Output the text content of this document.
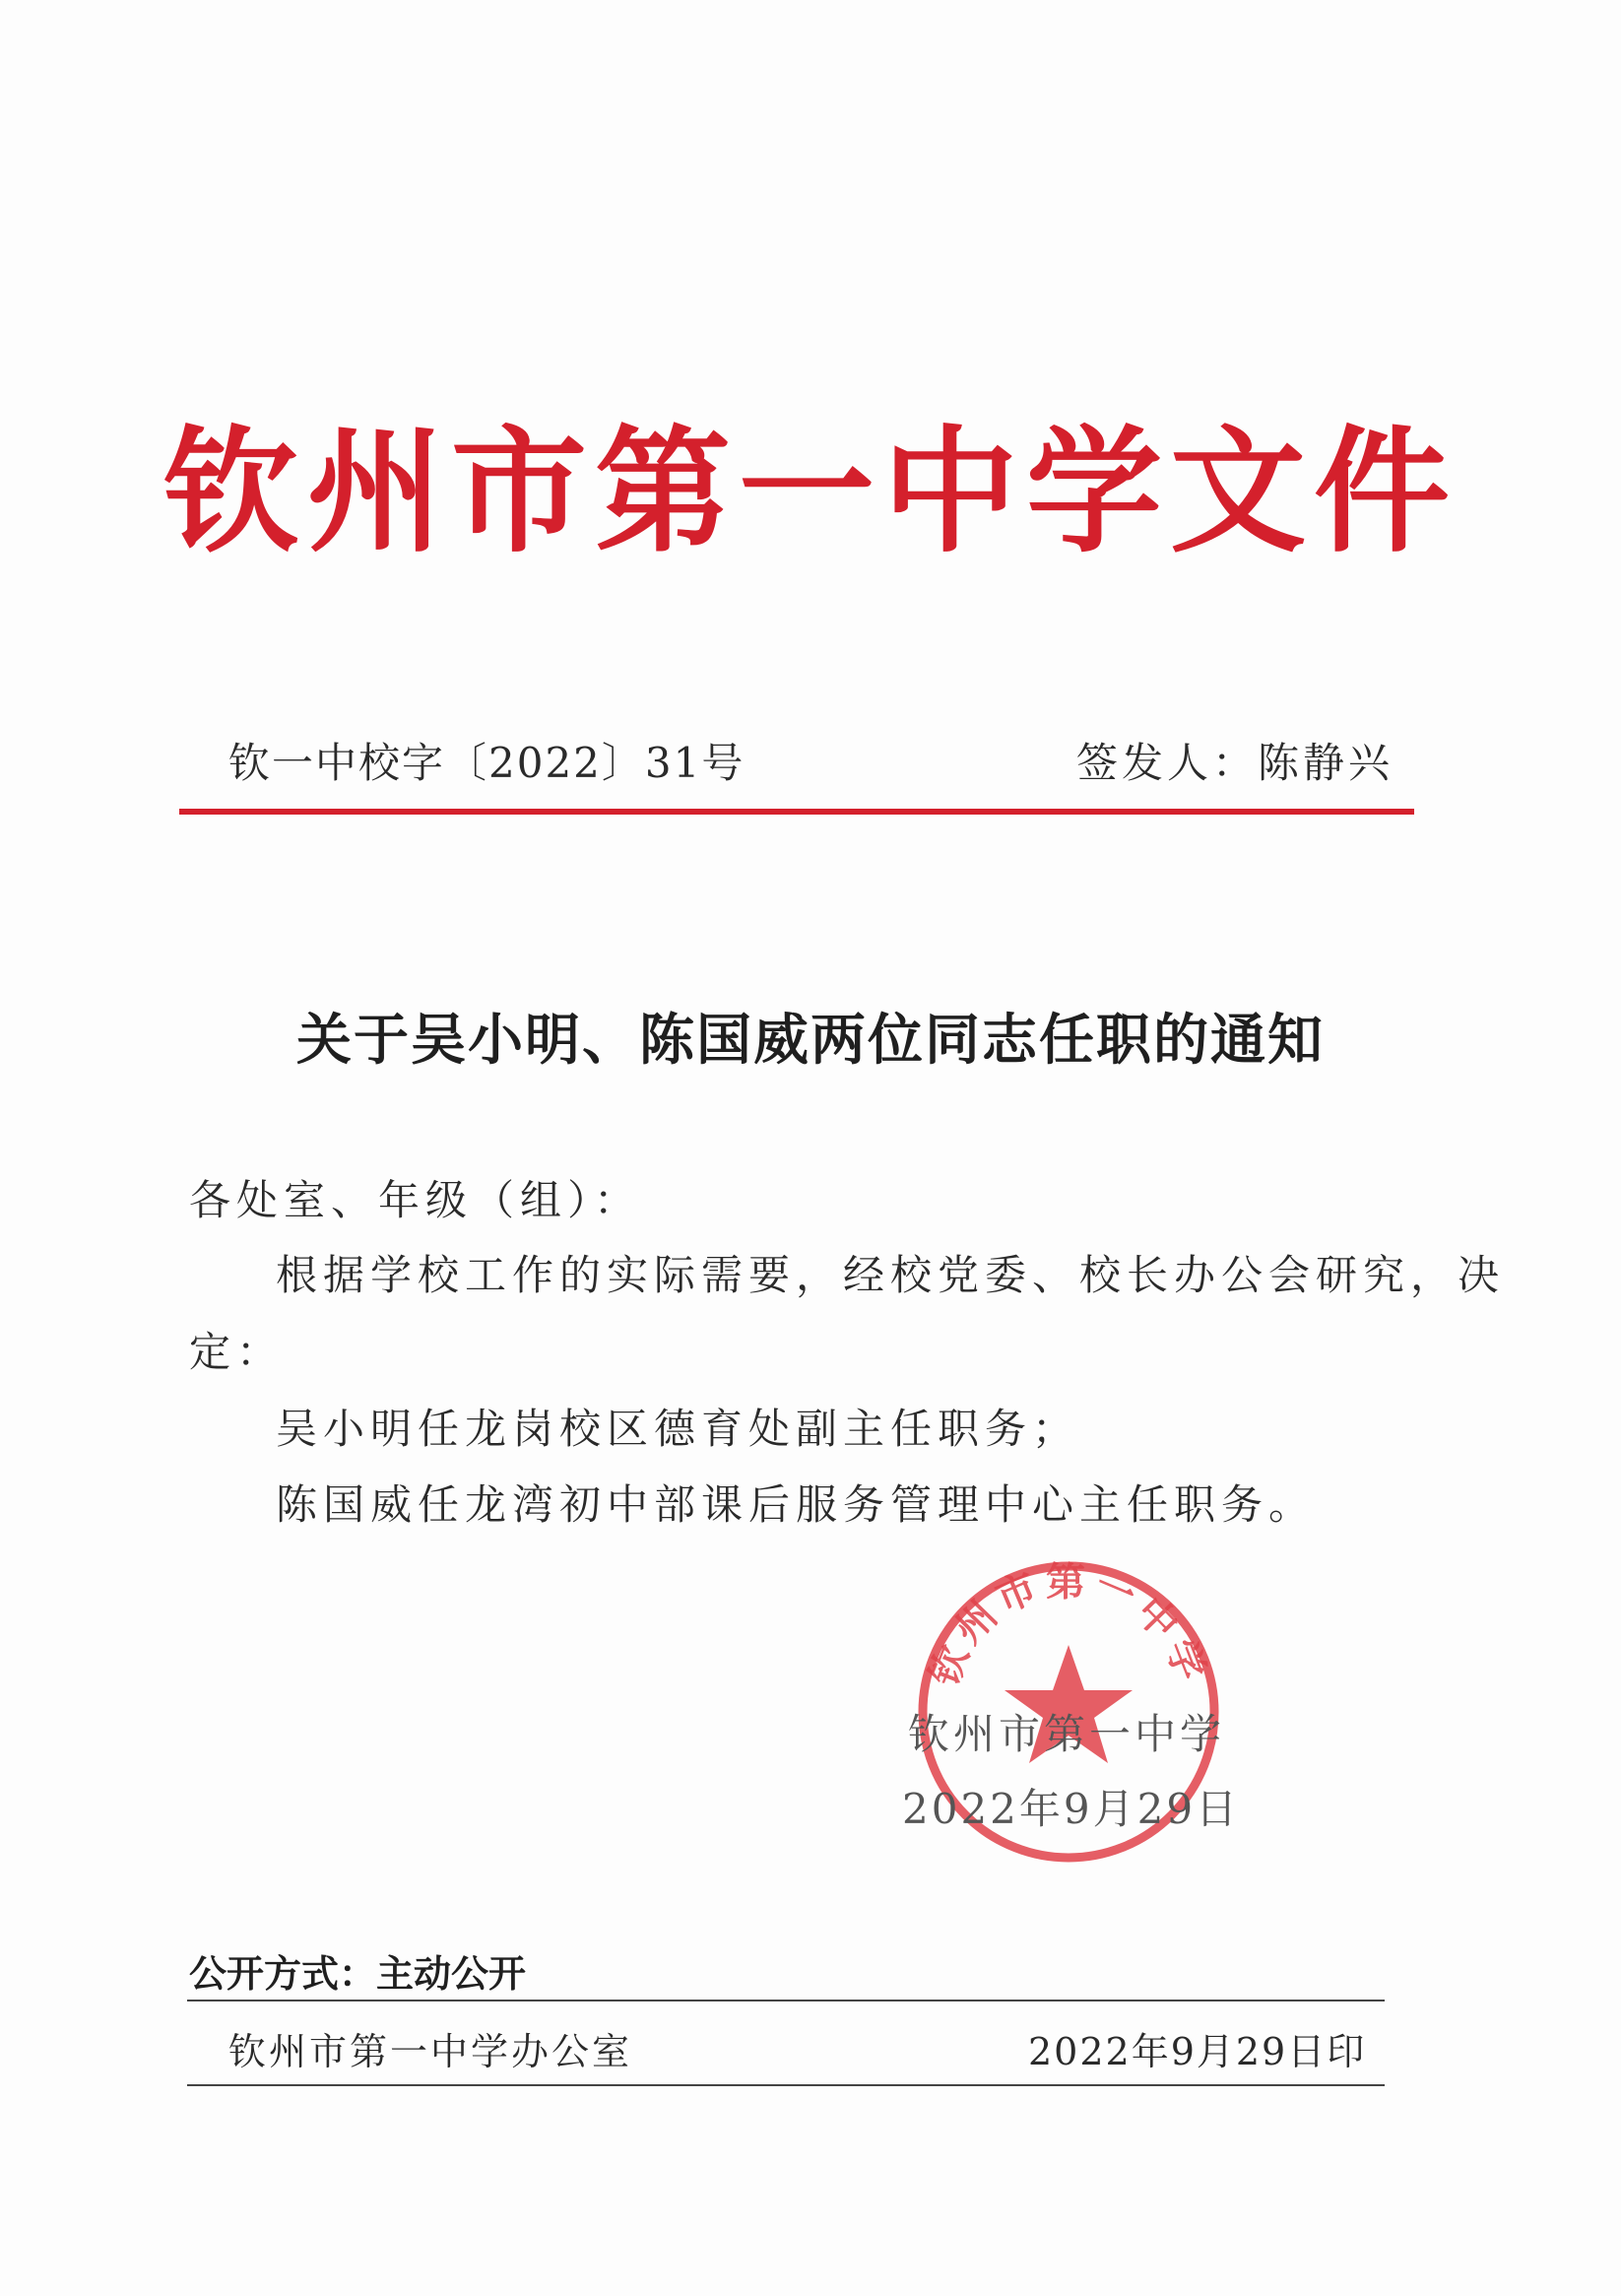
钦州市第一中学文件
钦一中校字〔2022〕31号	签发人：陈静兴
关于吴小明、陈国威两位同志任职的通知
各处室、年级（组）：
根据学校工作的实际需要，经校党委、校长办公会研究，决
定：
吴小明任龙岗校区德育处副主任职务；
陈国威任龙湾初中部课后服务管理中心主任职务。
钦州市第一中学
钦州市第一中学
2022年9月29日
公开方式： 主动公开
钦州市第一中学办公室	2022年9月29日印
